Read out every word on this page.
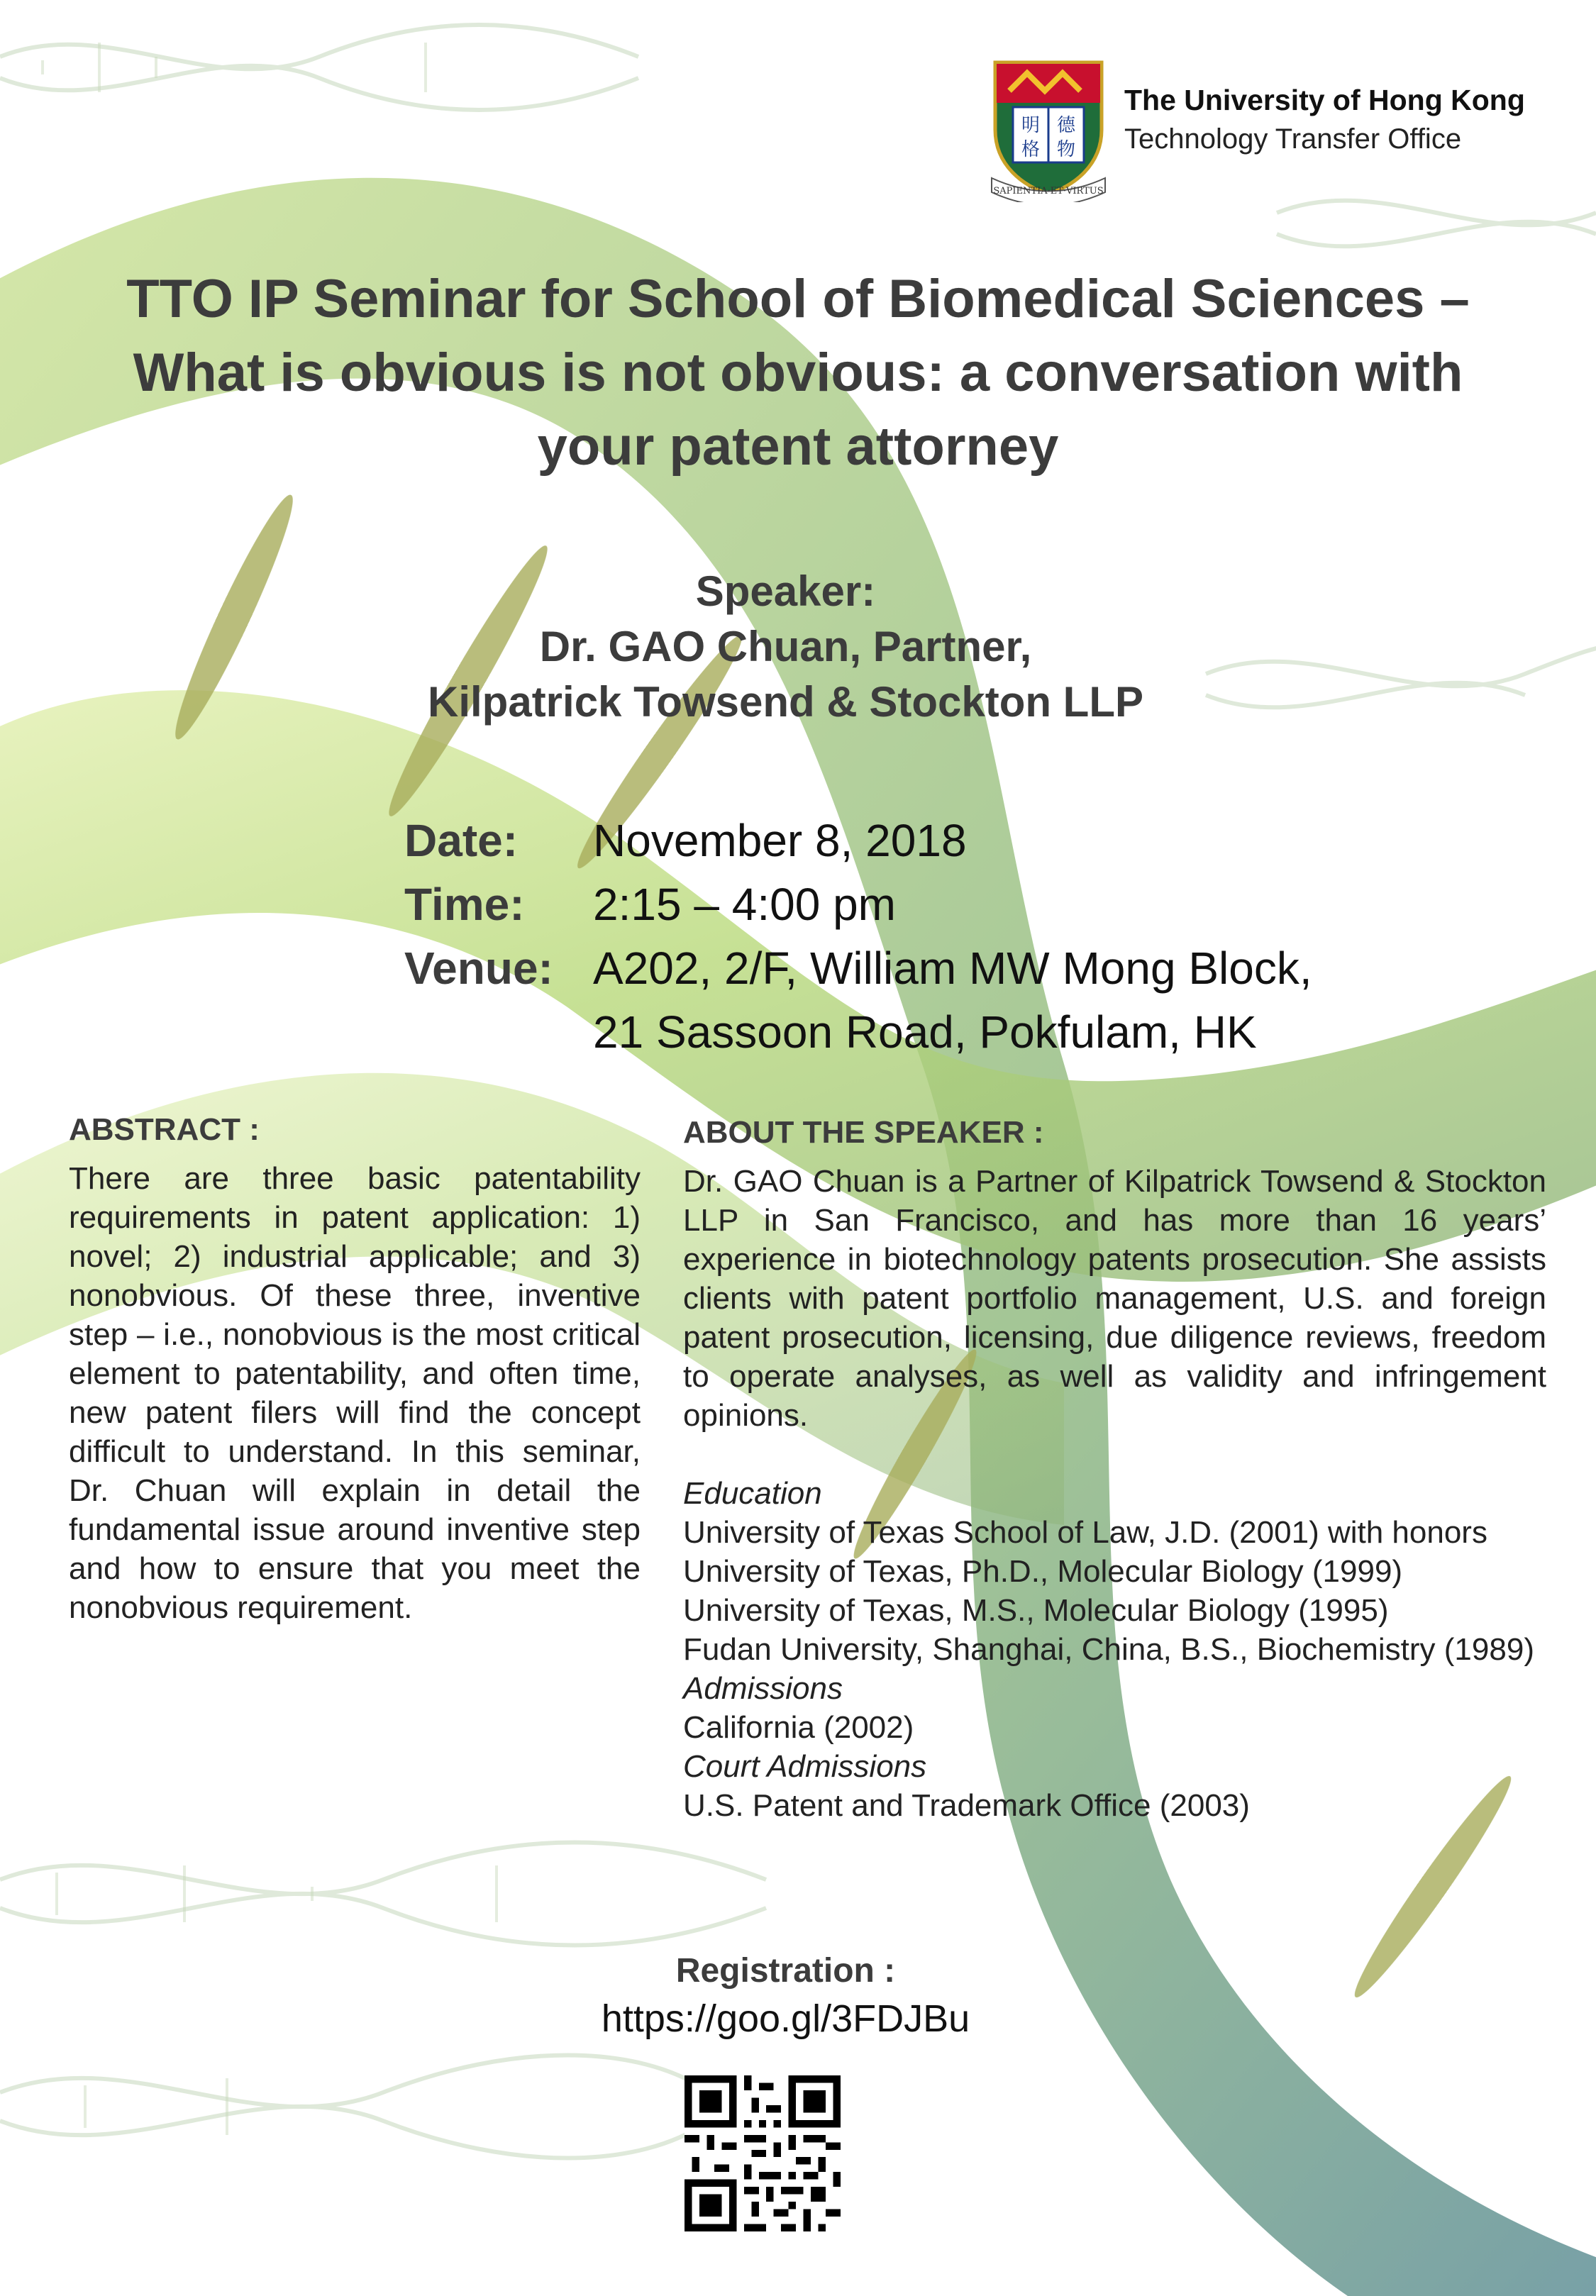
明 德
格 物
SAPIENTIA·ET·VIRTUS
The University of Hong Kong
Technology Transfer Office
TTO IP Seminar for School of Biomedical Sciences –
What is obvious is not obvious: a conversation with
your patent attorney
Speaker:
Dr. GAO Chuan, Partner,
Kilpatrick Towsend & Stockton LLP
Date:	November 8, 2018
Time:	2:15 – 4:00 pm
Venue: A202, 2/F, William MW Mong Block,
21 Sassoon Road, Pokfulam, HK
ABSTRACT :
There are three basic patentability requirements in patent application: 1) novel; 2) industrial applicable; and 3) nonobvious. Of these three, inventive step – i.e., nonobvious is the most critical element to patentability, and often time, new patent filers will find the concept difficult to understand. In this seminar, Dr. Chuan will explain in detail the fundamental issue around inventive step and how to ensure that you meet the nonobvious requirement.
ABOUT THE SPEAKER :
Dr. GAO Chuan is a Partner of Kilpatrick Towsend & Stockton LLP in San Francisco, and has more than 16 years’ experience in biotechnology patents prosecution. She assists clients with patent portfolio management, U.S. and foreign patent prosecution, licensing, due diligence reviews, freedom to operate analyses, as well as validity and infringement opinions.
Education
University of Texas School of Law, J.D. (2001) with honors
University of Texas, Ph.D., Molecular Biology (1999)
University of Texas, M.S., Molecular Biology (1995)
Fudan University, Shanghai, China, B.S., Biochemistry (1989)
Admissions
California (2002)
Court Admissions
U.S. Patent and Trademark Office (2003)
Registration :
https://goo.gl/3FDJBu
